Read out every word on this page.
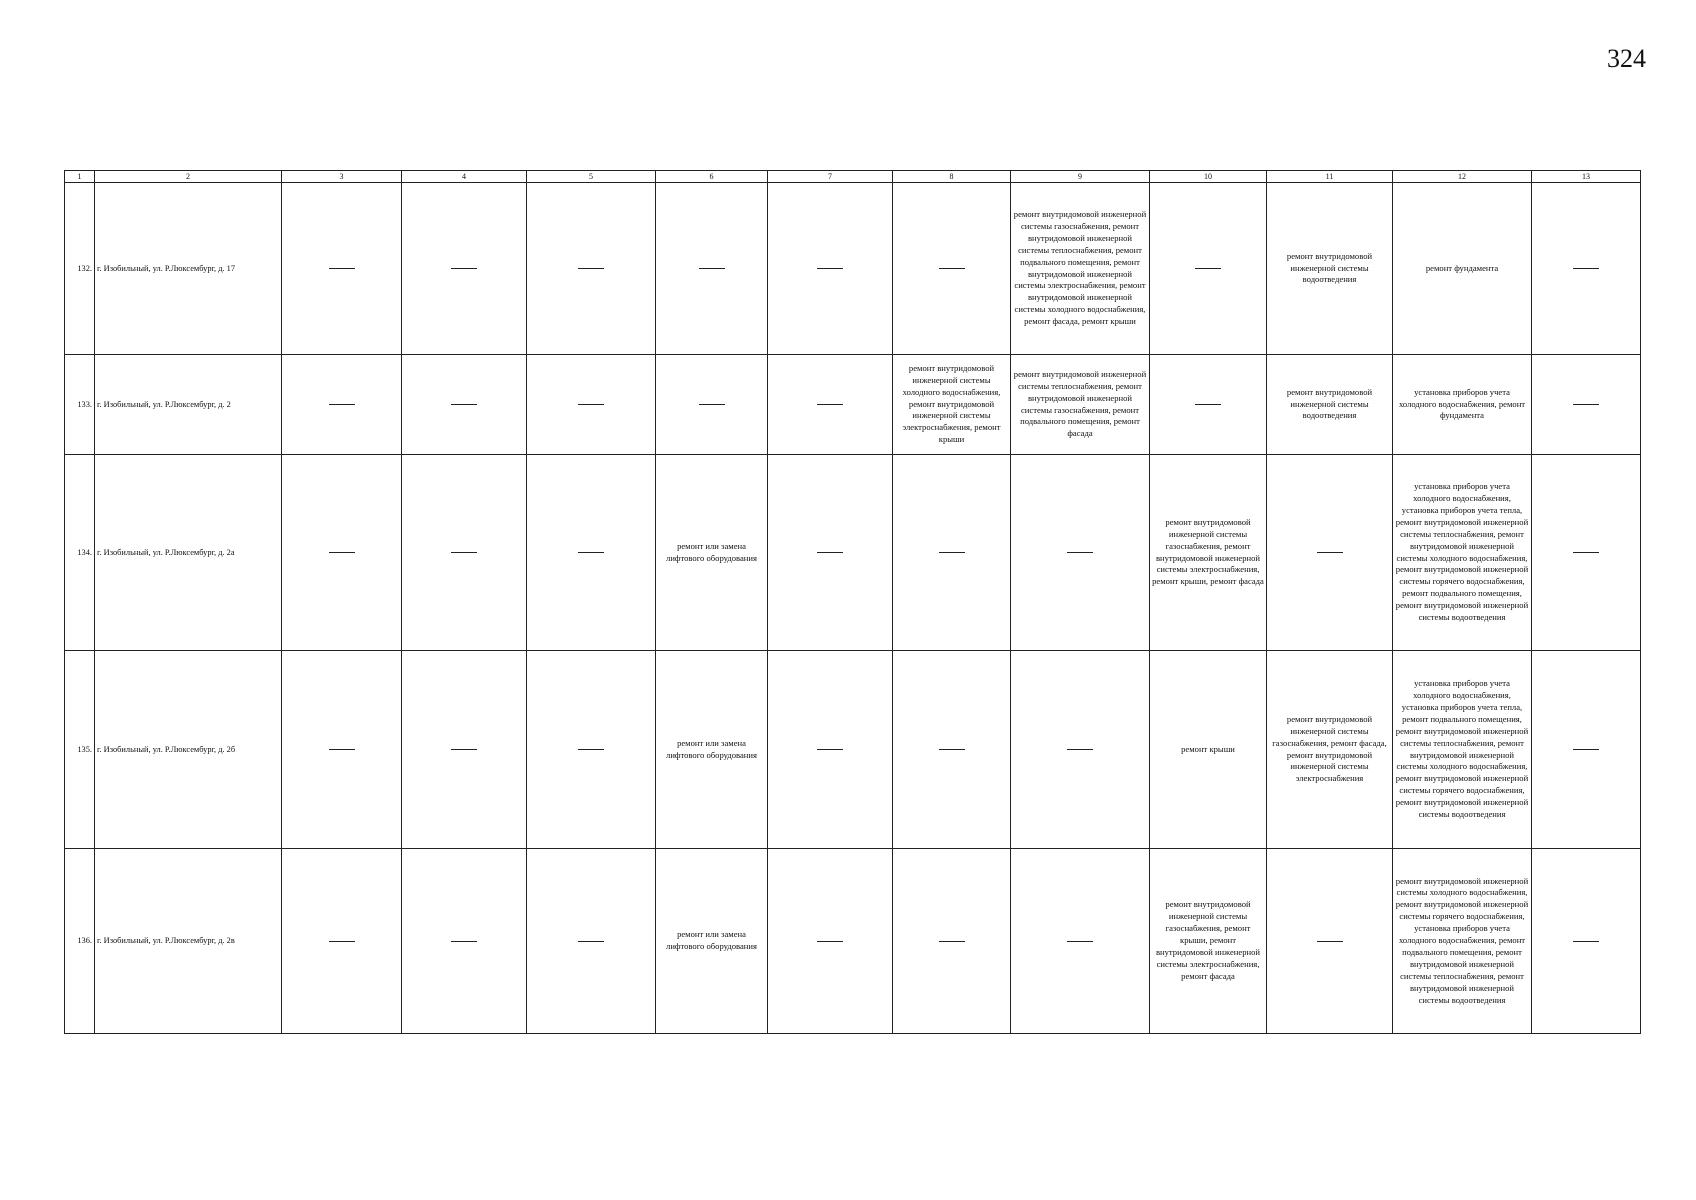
324
1	2	3	4	5	6	7	8	9	10	11	12	13
132.	г. Изобильный, ул. Р.Люксембург, д. 17							ремонт внутридомовой инженерной системы газоснабжения, ремонт внутридомовой инженерной системы теплоснабжения, ремонт подвального помещения, ремонт внутридомовой инженерной системы электроснабжения, ремонт внутридомовой инженерной системы холодного водоснабжения, ремонт фасада, ремонт крыши		ремонт внутридомовой инженерной системы водоотведения	ремонт фундамента	
133.	г. Изобильный, ул. Р.Люксембург, д. 2						ремонт внутридомовой инженерной системы холодного водоснабжения, ремонт внутридомовой инженерной системы электроснабжения, ремонт крыши	ремонт внутридомовой инженерной системы теплоснабжения, ремонт внутридомовой инженерной системы газоснабжения, ремонт подвального помещения, ремонт фасада		ремонт внутридомовой инженерной системы водоотведения	установка приборов учета холодного водоснабжения, ремонт фундамента	
134.	г. Изобильный, ул. Р.Люксембург, д. 2а				ремонт или замена лифтового оборудования				ремонт внутридомовой инженерной системы газоснабжения, ремонт внутридомовой инженерной системы электроснабжения, ремонт крыши, ремонт фасада		установка приборов учета холодного водоснабжения, установка приборов учета тепла, ремонт внутридомовой инженерной системы теплоснабжения, ремонт внутридомовой инженерной системы холодного водоснабжения, ремонт внутридомовой инженерной системы горячего водоснабжения, ремонт подвального помещения, ремонт внутридомовой инженерной системы водоотведения	
135.	г. Изобильный, ул. Р.Люксембург, д. 2б				ремонт или замена лифтового оборудования				ремонт крыши	ремонт внутридомовой инженерной системы газоснабжения, ремонт фасада, ремонт внутридомовой инженерной системы электроснабжения	установка приборов учета холодного водоснабжения, установка приборов учета тепла, ремонт подвального помещения, ремонт внутридомовой инженерной системы теплоснабжения, ремонт внутридомовой инженерной системы холодного водоснабжения, ремонт внутридомовой инженерной системы горячего водоснабжения, ремонт внутридомовой инженерной системы водоотведения	
136.	г. Изобильный, ул. Р.Люксембург, д. 2в				ремонт или замена лифтового оборудования				ремонт внутридомовой инженерной системы газоснабжения, ремонт крыши, ремонт внутридомовой инженерной системы электроснабжения, ремонт фасада		ремонт внутридомовой инженерной системы холодного водоснабжения, ремонт внутридомовой инженерной системы горячего водоснабжения, установка приборов учета холодного водоснабжения, ремонт подвального помещения, ремонт внутридомовой инженерной системы теплоснабжения, ремонт внутридомовой инженерной системы водоотведения	
